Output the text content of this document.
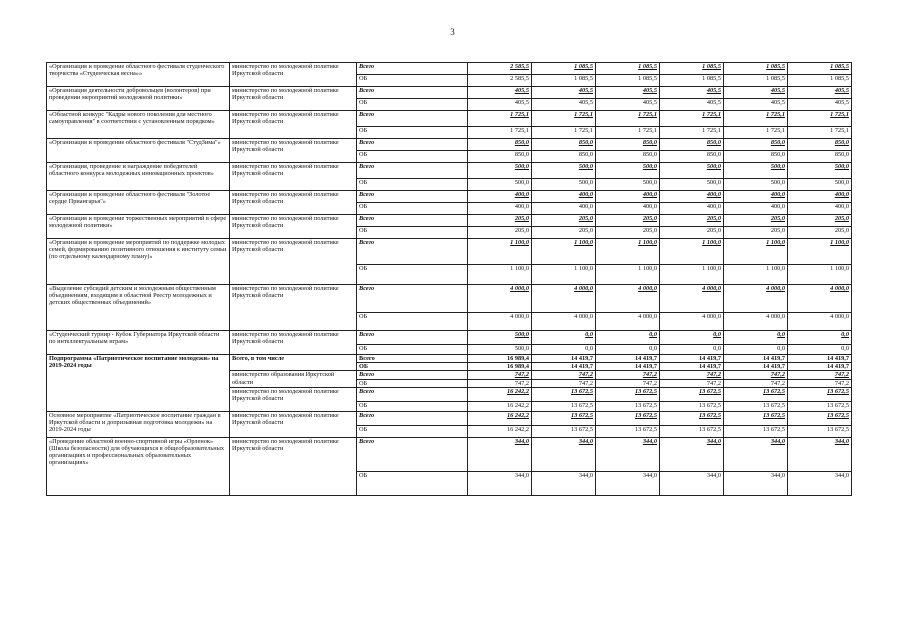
3
«Организация и проведение областного фестиваля студенческого творчества «Студенческая весна»»	министерство по молодежной политике Иркутской области	Всего	2 585,5	1 085,5	1 085,5	1 085,5	1 085,5	1 085,5
		ОБ	2 585,5	1 085,5	1 085,5	1 085,5	1 085,5	1 085,5
«Организация деятельности добровольцев (волонтеров) при проведении мероприятий молодежной политики»	министерство по молодежной политике Иркутской области	Всего	405,5	405,5	405,5	405,5	405,5	405,5
		ОБ	405,5	405,5	405,5	405,5	405,5	405,5
«Областной конкурс "Кадры нового поколения для местного самоуправления" в соответствии с установленным порядком»	министерство по молодежной политике Иркутской области	Всего	1 725,1	1 725,1	1 725,1	1 725,1	1 725,1	1 725,1
		ОБ	1 725,1	1 725,1	1 725,1	1 725,1	1 725,1	1 725,1
«Организация и проведение областного фестиваля "СтудЗима"»	министерство по молодежной политике Иркутской области	Всего	850,0	850,0	850,0	850,0	850,0	850,0
		ОБ	850,0	850,0	850,0	850,0	850,0	850,0
«Организация, проведение и награждение победителей областного конкурса молодежных инновационных проектов»	министерство по молодежной политике Иркутской области	Всего	500,0	500,0	500,0	500,0	500,0	500,0
		ОБ	500,0	500,0	500,0	500,0	500,0	500,0
«Организация и проведение областного фестиваля "Золотое сердце Приангарья"»	министерство по молодежной политике Иркутской области	Всего	400,0	400,0	400,0	400,0	400,0	400,0
		ОБ	400,0	400,0	400,0	400,0	400,0	400,0
«Организация и проведение торжественных мероприятий в сфере молодежной политики»	министерство по молодежной политике Иркутской области	Всего	205,0	205,0	205,0	205,0	205,0	205,0
		ОБ	205,0	205,0	205,0	205,0	205,0	205,0
«Организация и проведение мероприятий по поддержке молодых семей, формированию позитивного отношения к институту семьи (по отдельному календарному плану)»	министерство по молодежной политике Иркутской области	Всего	1 100,0	1 100,0	1 100,0	1 100,0	1 100,0	1 100,0
		ОБ	1 100,0	1 100,0	1 100,0	1 100,0	1 100,0	1 100,0
«Выделение субсидий детским и молодежным общественным объединениям, входящим в областной Реестр молодежных и детских общественных объединений»	министерство по молодежной политике Иркутской области	Всего	4 000,0	4 000,0	4 000,0	4 000,0	4 000,0	4 000,0
		ОБ	4 000,0	4 000,0	4 000,0	4 000,0	4 000,0	4 000,0
«Студенческий турнир - Кубок Губернатора Иркутской области по интеллектуальным играм»	министерство по молодежной политике Иркутской области	Всего	500,0	0,0	0,0	0,0	0,0	0,0
		ОБ	500,0	0,0	0,0	0,0	0,0	0,0
Подпрограмма «Патриотическое воспитание молодежи» на 2019-2024 годы	Всего, в том числе	Всего	16 989,4	14 419,7	14 419,7	14 419,7	14 419,7	14 419,7
		ОБ	16 989,4	14 419,7	14 419,7	14 419,7	14 419,7	14 419,7
	министерство образования Иркутской области	Всего	747,2	747,2	747,2	747,2	747,2	747,2
		ОБ	747,2	747,2	747,2	747,2	747,2	747,2
	министерство по молодежной политике Иркутской области	Всего	16 242,2	13 672,5	13 672,5	13 672,5	13 672,5	13 672,5
		ОБ	16 242,2	13 672,5	13 672,5	13 672,5	13 672,5	13 672,5
Основное мероприятие «Патриотическое воспитание граждан в Иркутской области и допризывная подготовка молодежи» на 2019-2024 годы	министерство по молодежной политике Иркутской области	Всего	16 242,2	13 672,5	13 672,5	13 672,5	13 672,5	13 672,5
		ОБ	16 242,2	13 672,5	13 672,5	13 672,5	13 672,5	13 672,5
«Проведение областной военно-спортивной игры «Орленок» (Школа безопасности) для обучающихся в общеобразовательных организациях и профессиональных образовательных организациях»	министерство по молодежной политике Иркутской области	Всего	344,0	344,0	344,0	344,0	344,0	344,0
		ОБ	344,0	344,0	344,0	344,0	344,0	344,0
